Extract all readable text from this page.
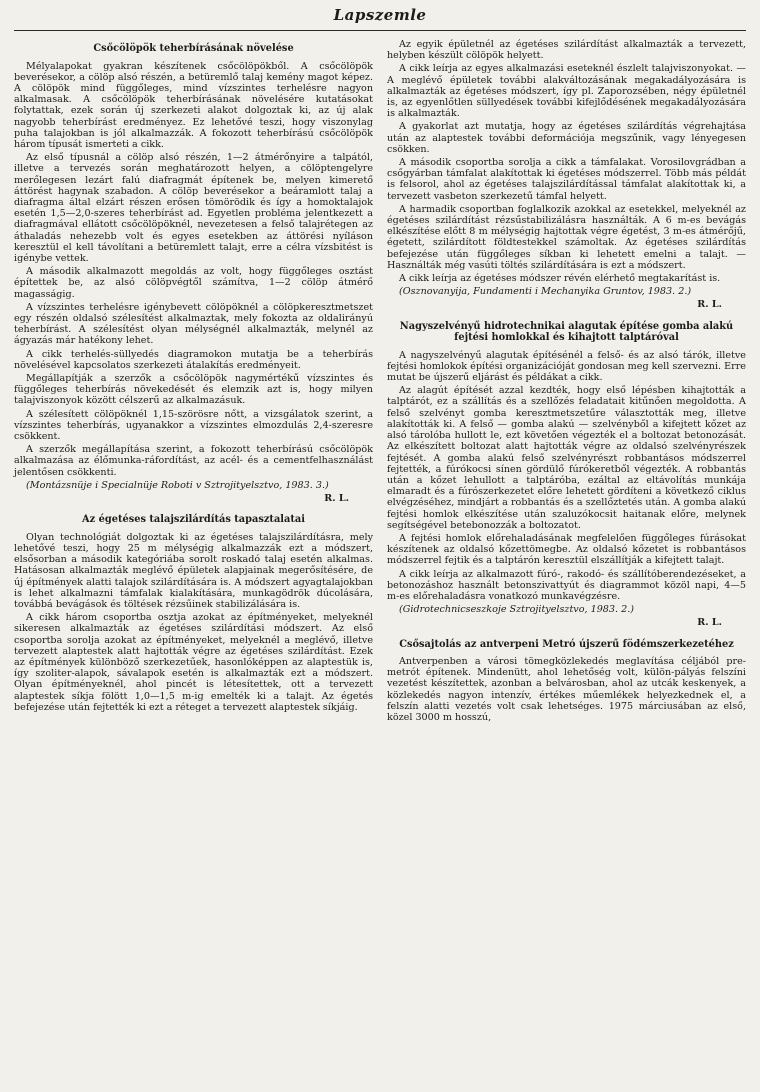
Lapszemle
Csőcölöpök teherbírásának növelése

Mélyalapokat gyakran készítenek csőcölöpökből. A csőcölöpök beverésekor, a cölöp alsó részén, a betüremlő talaj kemény magot képez. A cölöpök mind függőleges, mind vízszintes terhelésre nagyon alkalmasak. A csőcölöpök teherbírásának növelésére kutatásokat folytattak, ezek során új szerkezeti alakot dolgoztak ki, az új alak nagyobb teherbírást eredményez. Ez lehetővé teszi, hogy viszonylag puha talajokban is jól alkalmazzák. A fokozott teherbírású csőcölöpök három típusát ismerteti a cikk.

Az első típusnál a cölöp alsó részén, 1—2 átmérőnyire a talpától, illetve a tervezés során meghatározott helyen, a cölöptengelyre merőlegesen lezárt falú diafragmát építenek be, melyen kimerető áttörést hagynak szabadon. A cölöp beverésekor a beáramlott talaj a diafragma által elzárt részen erősen tömörödik és így a homoktalajok esetén 1,5—2,0-szeres teherbírást ad. Egyetlen probléma jelentkezett a diafragmával ellátott csőcölöpöknél, nevezetesen a felső talajrétegen az áthaladás nehezebb volt és egyes esetekben az áttörési nyíláson keresztül el kell távolítani a betüremlett talajt, erre a célra vízsbitést is igénybe vettek.

A második alkalmazott megoldás az volt, hogy függőleges osztást építettek be, az alsó cölöpvégtől számítva, 1—2 cölöp átmérő magasságig.

A vízszintes terhelésre igénybevett cölöpöknél a cölöpkeresztmetszet egy részén oldalsó szélesítést alkalmaztak, mely fokozta az oldalirányú teherbírást. A szélesítést olyan mélységnél alkalmazták, melynél az ágyazás már hatékony lehet.

A cikk terhelés-süllyedés diagramokon mutatja be a teherbírás növelésével kapcsolatos szerkezeti átalakítás eredményeit.

Megállapítják a szerzők a csőcölöpök nagymértékű vízszintes és függőleges teherbírás növekedését és elemzik azt is, hogy milyen talajviszonyok között célszerű az alkalmazásuk.

A szélesített cölöpöknél 1,15-szörösre nőtt, a vizsgálatok szerint, a vízszintes teherbírás, ugyanakkor a vízszintes elmozdulás 2,4-szeresre csökkent.

A szerzők megállapítása szerint, a fokozott teherbírású csőcölöpök alkalmazása az élőmunka-ráfordítást, az acél- és a cementfelhasználást jelentősen csökkenti.

(Montázsnüje i Specialnüje Roboti v Sztrojityelsztvo, 1983. 3.)

R. L.

Az égetéses talajszilárdítás tapasztalatai

Olyan technológiát dolgoztak ki az égetéses talajszilárdításra, mely lehetővé teszi, hogy 25 m mélységig alkalmazzák ezt a módszert, elsősorban a második kategóriába sorolt roskadó talaj esetén alkalmas. Hatásosan alkalmazták meglévő épületek alapjainak megerősítésére, de új építmények alatti talajok szilárdítására is. A módszert agyagtalajokban is lehet alkalmazni támfalak kialakítására, munkagödrök dúcolására, továbbá bevágások és töltések rézsűinek stabilizálására is.

A cikk három csoportba osztja azokat az építményeket, melyeknél sikeresen alkalmazták az égetéses szilárdítási módszert. Az első csoportba sorolja azokat az építményeket, melyeknél a meglévő, illetve tervezett alaptestek alatt hajtották végre az égetéses szilárdítást. Ezek az építmények különböző szerkezetűek, hasonlóképpen az alaptestük is, így szoliter-alapok, sávalapok esetén is alkalmazták ezt a módszert. Olyan építményeknél, ahol pincét is létesítettek, ott a tervezett alaptestek síkja fölött 1,0—1,5 m-ig emelték ki a talajt. Az égetés befejezése után fejtették ki ezt a réteget a tervezett alaptestek síkjáig.

Az egyik épületnél az égetéses szilárdítást alkalmazták a tervezett, helyben készült cölöpök helyett.

A cikk leírja az egyes alkalmazási eseteknél észlelt talajviszonyokat. — A meglévő épületek további alakváltozásának megakadályozására is alkalmazták az égetéses módszert, így pl. Zaporozsében, négy épületnél is, az egyenlőtlen süllyedések további kifejlődésének megakadályozására is alkalmazták.

A gyakorlat azt mutatja, hogy az égetéses szilárdítás végrehajtása után az alaptestek további deformációja megszűnik, vagy lényegesen csökken.

A második csoportba sorolja a cikk a támfalakat. Vorosilovgrádban a csőgyárban támfalat alakítottak ki égetéses módszerrel. Több más példát is felsorol, ahol az égetéses talajszilárdítással támfalat alakítottak ki, a tervezett vasbeton szerkezetű támfal helyett.

A harmadik csoportban foglalkozik azokkal az esetekkel, melyeknél az égetéses szilárdítást rézsűstabilizálásra használták. A 6 m-es bevágás elkészítése előtt 8 m mélységig hajtottak végre égetést, 3 m-es átmérőjű, égetett, szilárdított földtestekkel számoltak. Az égetéses szilárdítás befejezése után függőleges síkban ki lehetett emelni a talajt. — Használták még vasúti töltés szilárdítására is ezt a módszert.

A cikk leírja az égetéses módszer révén elérhető megtakarítást is.

(Osznovanyija, Fundamenti i Mechanyika Gruntov, 1983. 2.)

R. L.

Nagyszelvényű hidrotechnikai alagutak építése gomba alakú fejtési homlokkal és kihajtott talptáróval

A nagyszelvényű alagutak építésénél a felső- és az alsó tárók, illetve fejtési homlokok építési organizációját gondosan meg kell szervezni. Erre mutat be újszerű eljárást és példákat a cikk.

Az alagút építését azzal kezdték, hogy első lépésben kihajtották a talptárót, ez a szállítás és a szellőzés feladatait kitűnően megoldotta. A felső szelvényt gomba keresztmetszetűre választották meg, illetve alakították ki. A felső — gomba alakú — szelvényből a kifejtett kőzet az alsó tárolóba hullott le, ezt követően végezték el a boltozat betonozását. Az elkészített boltozat alatt hajtották végre az oldalsó szelvényrészek fejtését. A gomba alakú felső szelvényrészt robbantásos módszerrel fejtették, a fúrókocsi sínen gördülő fúrókeretből végezték. A robbantás után a kőzet lehullott a talptáróba, ezáltal az eltávolítás munkája elmaradt és a fúrószerkezetet előre lehetett gördíteni a következő ciklus elvégzéséhez, mindjárt a robbantás és a szellőztetés után. A gomba alakú fejtési homlok elkészítése után szaluzókocsit haitanak előre, melynek segítségével betebonozzák a boltozatot.

A fejtési homlok előrehaladásának megfelelően függőleges fúrásokat készítenek az oldalsó kőzettömegbe. Az oldalsó kőzetet is robbantásos módszerrel fejtik és a talptárón keresztül elszállítják a kifejtett talajt.

A cikk leírja az alkalmazott fúró-, rakodó- és szállítóberendezéseket, a betonozáshoz használt betonszivattyút és diagrammot közöl napi, 4—5 m-es előrehaladásra vonatkozó munkavégzésre.

(Gidrotechnicseszkoje Sztrojityelsztvo, 1983. 2.)

R. L.

Csősajtolás az antverpeni Metró újszerű födémszerkezetéhez

Antverpenben a városi tömegközlekedés meglavítása céljából pre-metrót építenek. Mindenütt, ahol lehetőség volt, külön-pályás felszíni vezetést készítettek, azonban a belvárosban, ahol az utcák keskenyek, a közlekedés nagyon intenzív, értékes műemlékek helyezkednek el, a felszín alatti vezetés volt csak lehetséges. 1975 márciusában az első, közel 3000 m hosszú,
